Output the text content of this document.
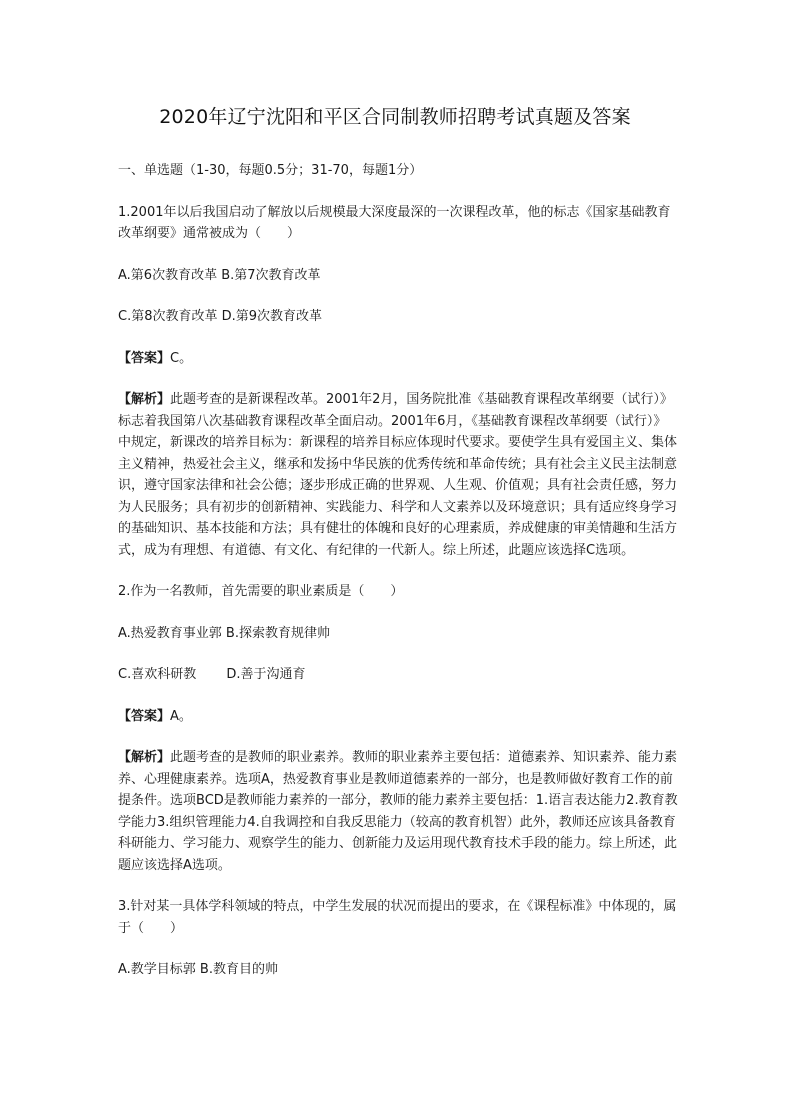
2020年辽宁沈阳和平区合同制教师招聘考试真题及答案

一、单选题（1-30，每题0.5分；31-70，每题1分）

1.2001年以后我国启动了解放以后规模最大深度最深的一次课程改革，他的标志《国家基础教育改革纲要》通常被成为（　　）

A.第6次教育改革 B.第7次教育改革

C.第8次教育改革 D.第9次教育改革

【答案】C。

【解析】此题考查的是新课程改革。2001年2月，国务院批准《基础教育课程改革纲要（试行）》标志着我国第八次基础教育课程改革全面启动。2001年6月，《基础教育课程改革纲要（试行）》中规定，新课改的培养目标为：新课程的培养目标应体现时代要求。要使学生具有爱国主义、集体主义精神，热爱社会主义，继承和发扬中华民族的优秀传统和革命传统；具有社会主义民主法制意识，遵守国家法律和社会公德；逐步形成正确的世界观、人生观、价值观；具有社会责任感，努力为人民服务；具有初步的创新精神、实践能力、科学和人文素养以及环境意识；具有适应终身学习的基础知识、基本技能和方法；具有健壮的体魄和良好的心理素质，养成健康的审美情趣和生活方式，成为有理想、有道德、有文化、有纪律的一代新人。综上所述，此题应该选择C选项。

2.作为一名教师，首先需要的职业素质是（　　）

A.热爱教育事业郭 B.探索教育规律帅

C.喜欢科研教　　 D.善于沟通育

【答案】A。

【解析】此题考查的是教师的职业素养。教师的职业素养主要包括：道德素养、知识素养、能力素养、心理健康素养。选项A，热爱教育事业是教师道德素养的一部分，也是教师做好教育工作的前提条件。选项BCD是教师能力素养的一部分，教师的能力素养主要包括：1.语言表达能力2.教育教学能力3.组织管理能力4.自我调控和自我反思能力（较高的教育机智）此外，教师还应该具备教育科研能力、学习能力、观察学生的能力、创新能力及运用现代教育技术手段的能力。综上所述，此题应该选择A选项。

3.针对某一具体学科领域的特点，中学生发展的状况而提出的要求，在《课程标准》中体现的，属于（　　）

A.教学目标郭 B.教育目的帅
